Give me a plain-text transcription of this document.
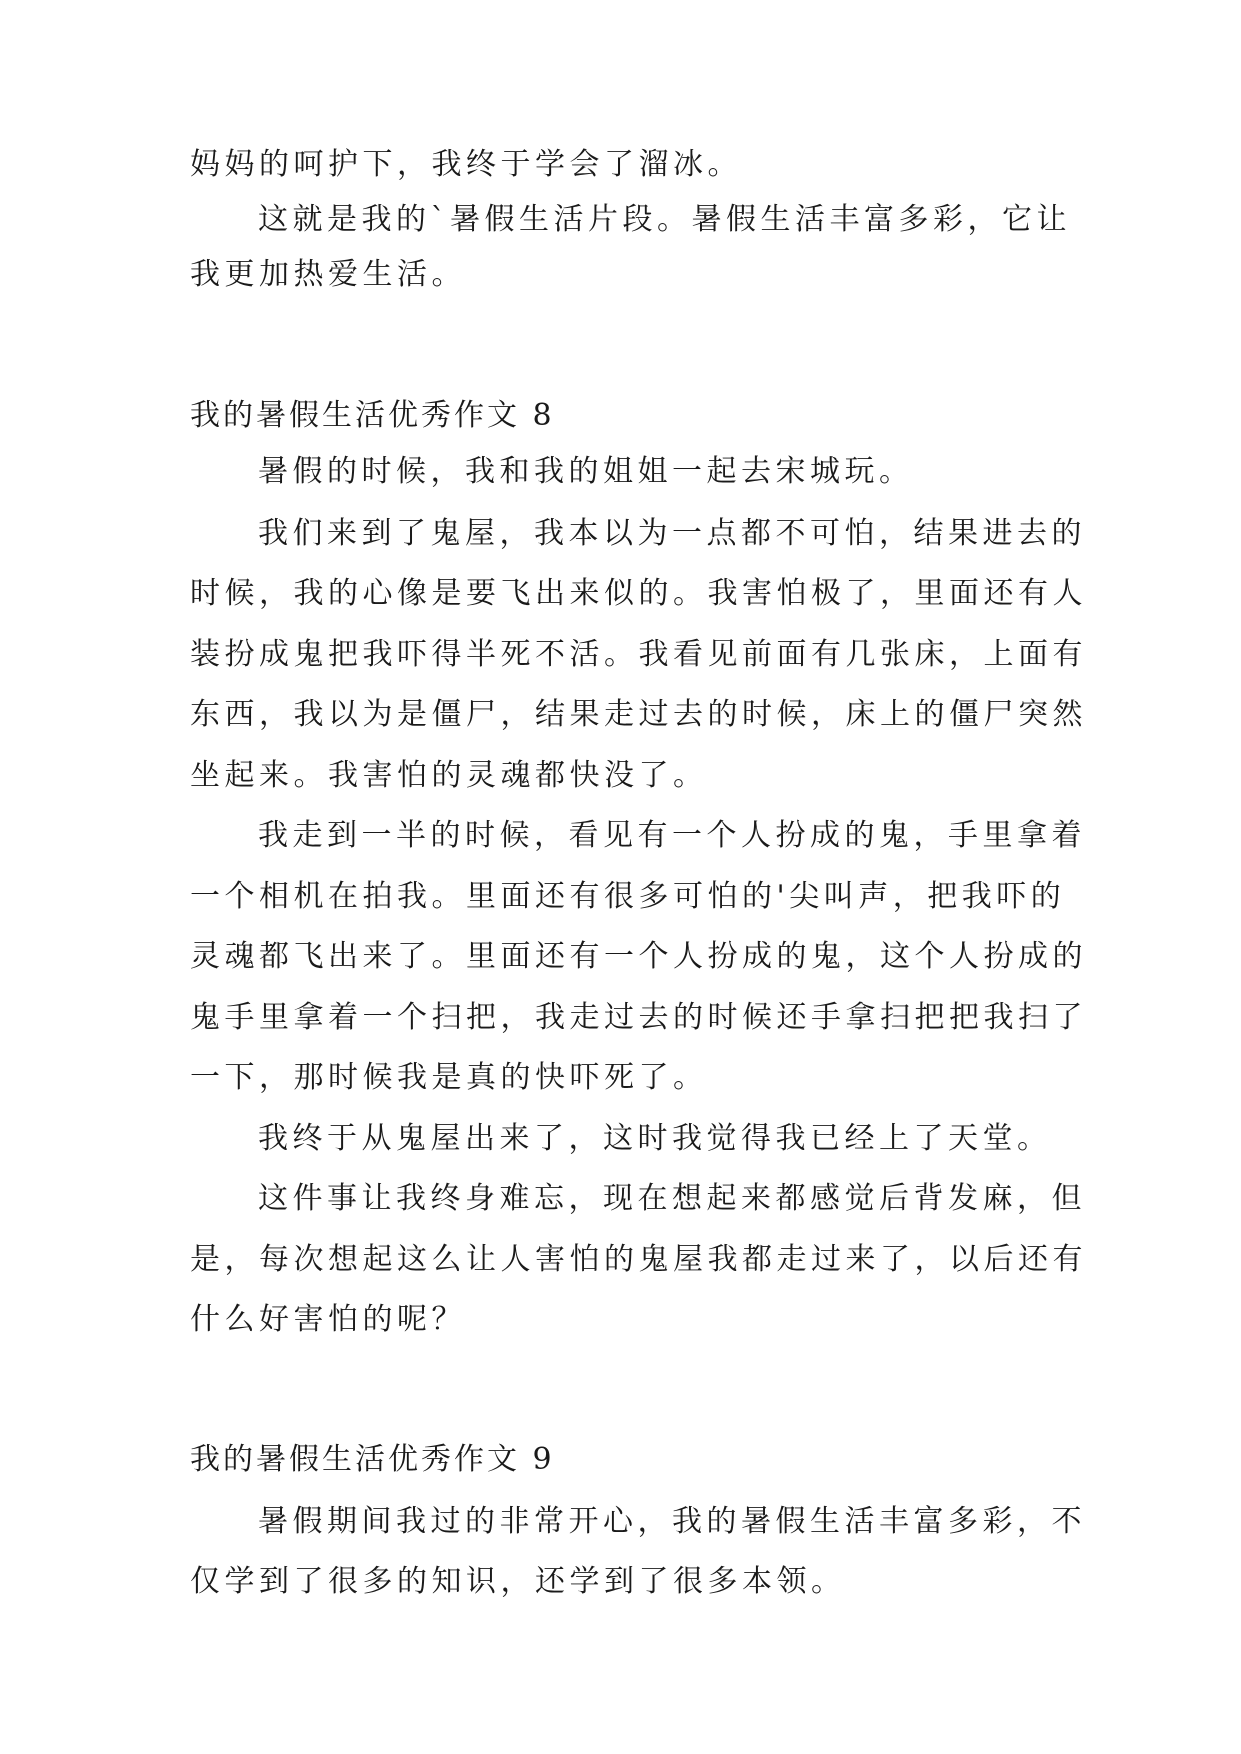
妈妈的呵护下，我终于学会了溜冰。
这就是我的`暑假生活片段。暑假生活丰富多彩，它让
我更加热爱生活。
我的暑假生活优秀作文 8
暑假的时候，我和我的姐姐一起去宋城玩。
我们来到了鬼屋，我本以为一点都不可怕，结果进去的
时候，我的心像是要飞出来似的。我害怕极了，里面还有人
装扮成鬼把我吓得半死不活。我看见前面有几张床，上面有
东西，我以为是僵尸，结果走过去的时候，床上的僵尸突然
坐起来。我害怕的灵魂都快没了。
我走到一半的时候，看见有一个人扮成的鬼，手里拿着
一个相机在拍我。里面还有很多可怕的'尖叫声，把我吓的
灵魂都飞出来了。里面还有一个人扮成的鬼，这个人扮成的
鬼手里拿着一个扫把，我走过去的时候还手拿扫把把我扫了
一下，那时候我是真的快吓死了。
我终于从鬼屋出来了，这时我觉得我已经上了天堂。
这件事让我终身难忘，现在想起来都感觉后背发麻，但
是，每次想起这么让人害怕的鬼屋我都走过来了，以后还有
什么好害怕的呢？
我的暑假生活优秀作文 9
暑假期间我过的非常开心，我的暑假生活丰富多彩，不
仅学到了很多的知识，还学到了很多本领。
